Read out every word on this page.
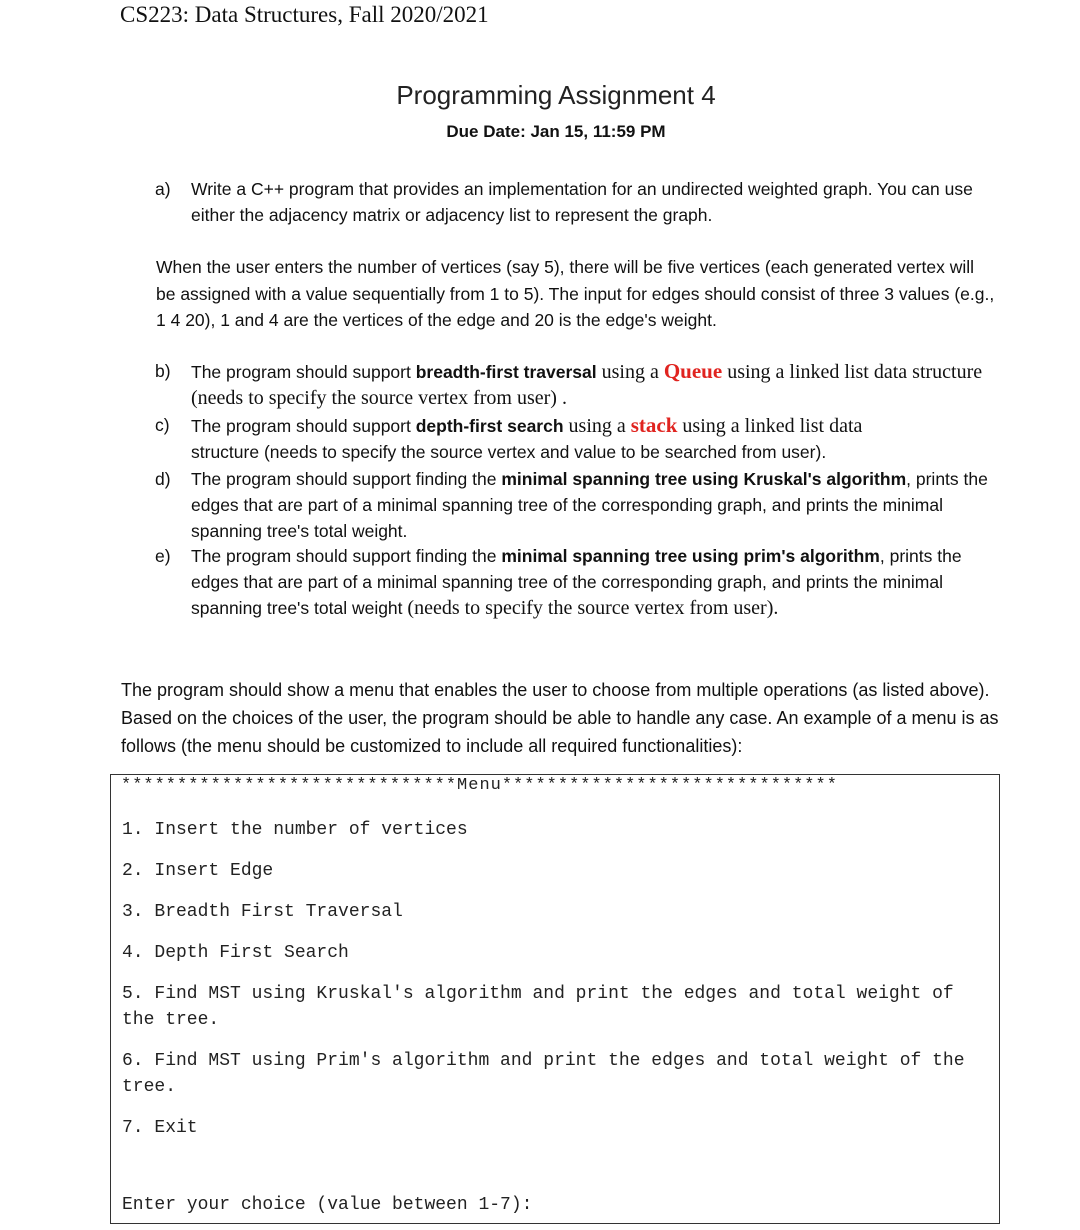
CS223: Data Structures, Fall 2020/2021
Programming Assignment 4
Due Date: Jan 15, 11:59 PM
a) Write a C++ program that provides an implementation for an undirected weighted graph. You can use either the adjacency matrix or adjacency list to represent the graph.
When the user enters the number of vertices (say 5), there will be five vertices (each generated vertex will be assigned with a value sequentially from 1 to 5). The input for edges should consist of three 3 values (e.g., 1 4 20), 1 and 4 are the vertices of the edge and 20 is the edge's weight.
b) The program should support breadth-first traversal using a Queue using a linked list data structure (needs to specify the source vertex from user) .
c) The program should support depth-first search using a stack using a linked list data
structure (needs to specify the source vertex and value to be searched from user).
d) The program should support finding the minimal spanning tree using Kruskal's algorithm, prints the edges that are part of a minimal spanning tree of the corresponding graph, and prints the minimal spanning tree's total weight.
e) The program should support finding the minimal spanning tree using prim's algorithm, prints the edges that are part of a minimal spanning tree of the corresponding graph, and prints the minimal spanning tree's total weight (needs to specify the source vertex from user).
The program should show a menu that enables the user to choose from multiple operations (as listed above). Based on the choices of the user, the program should be able to handle any case. An example of a menu is as follows (the menu should be customized to include all required functionalities):
******************************Menu******************************
1. Insert the number of vertices
2. Insert Edge
3. Breadth First Traversal
4. Depth First Search
5. Find MST using Kruskal's algorithm and print the edges and total weight of the tree.
6. Find MST using Prim's algorithm and print the edges and total weight of the tree.
7. Exit
Enter your choice (value between 1-7):
